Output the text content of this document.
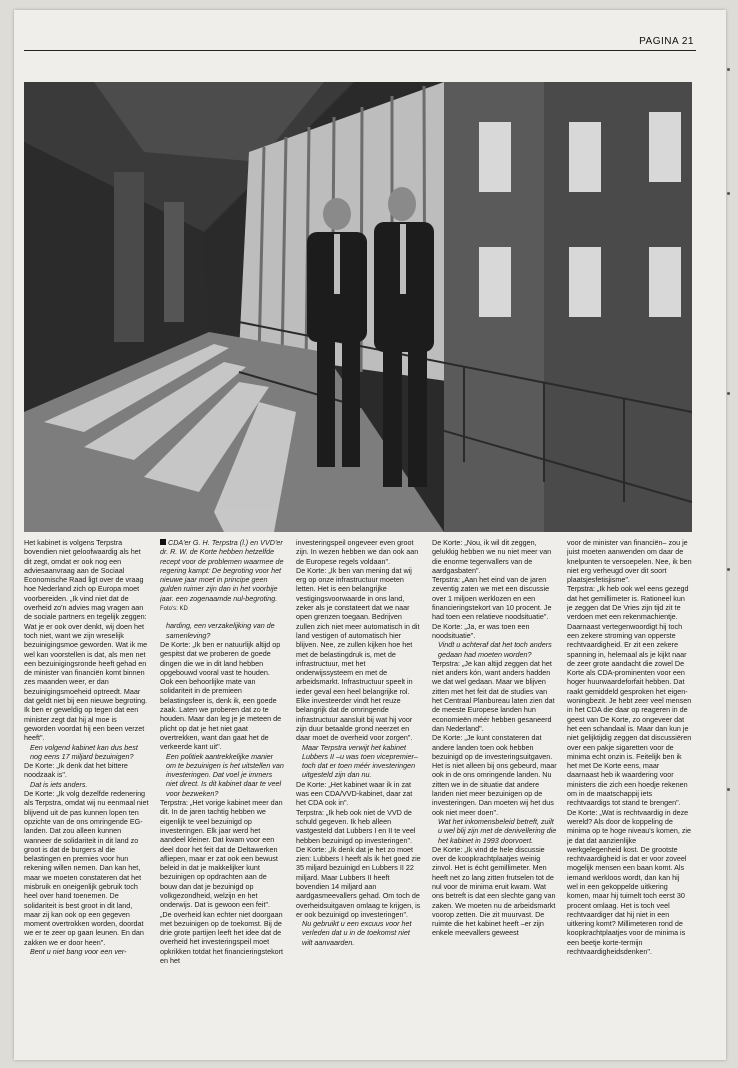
PAGINA 21

Het kabinet is volgens Terpstra bovendien niet geloofwaardig als het dit zegt, omdat er ook nog een adviesaanvraag aan de Sociaal Economische Raad ligt over de vraag hoe Nederland zich op Europa moet voorbereiden. „Ik vind niet dat de overheid zo'n advies mag vragen aan de sociale partners en tegelijk zeggen: Wat je er ook over denkt, wij doen het toch niet, want we zijn wreselijk bezuinigingsmoe geworden. Wat ik me wel kan voorstellen is dat, als men net een bezuinigingsronde heeft gehad en de minister van financiën komt binnen zes maanden weer, er dan bezuinigingsmoeheid optreedt. Maar dat geldt niet bij een nieuwe begroting. Ik ben er geweldig op tegen dat een minister zegt dat hij al moe is geworden voordat hij een been verzet heeft".

Een volgend kabinet kan dus best nog eens 17 miljard bezuinigen?

De Korte: „Ik denk dat het bittere noodzaak is".

Dat is iets anders.

De Korte: „Ik volg dezelfde redenering als Terpstra, omdat wij nu eenmaal niet blijvend uit de pas kunnen lopen ten opzichte van de ons omringende EG-landen. Dat zou alleen kunnen wanneer de solidariteit in dit land zo groot is dat de burgers al die belastingen en premies voor hun rekening willen nemen. Dan kan het, maar we moeten constateren dat het misbruik en oneigenlijk gebruik toch heel over hand toenemen. De solidariteit is best groot in dit land, maar zij kan ook op een gegeven moment overtrokken worden, doordat we er te zeer op gaan leunen. En dan zakken we er door heen".

Bent u niet bang voor een ver-

CDA'er G. H. Terpstra (l.) en VVD'er dr. R. W. de Korte hebben hetzelfde recept voor de problemen waarmee de regering kampt: De begroting voor het nieuwe jaar moet in principe geen gulden ruimer zijn dan in het voorbije jaar. een zogenaamde nul-begroting. Foto's: KD

harding, een verzakelijking van de samenleving?

De Korte: „Ik ben er natuurlijk altijd op gespitst dat we proberen de goede dingen die we in dit land hebben opgebouwd vooral vast te houden. Ook een behoorlijke mate van solidariteit in de premieen belastingsfeer is, denk ik, een goede zaak. Laten we proberen dat zo te houden. Maar dan leg je je meteen de plicht op dat je het niet gaat overtrekken, want dan gaat het de verkeerde kant uit".

Een politiek aantrekkelijke manier om te bezuinigen is het uitstellen van investeringen. Dat voel je immers niet direct. Is dit kabinet daar te veel voor bezweken?

Terpstra: „Het vorige kabinet meer dan dit. In de jaren tachtig hebben we eigenlijk te veel bezuinigd op investeringen. Elk jaar werd het aandeel kleiner. Dat kwam voor een deel door het feit dat de Deltawerken afliepen, maar er zat ook een bewust beleid in dat je makkelijker kunt bezuinigen op opdrachten aan de bouw dan dat je bezuinigd op volkgezondheid, welzijn en het onderwijs. Dat is gewoon een feit".

„De overheid kan echter niet doorgaan met bezuinigen op de toekomst. Bij de drie grote partijen leeft het idee dat de overheid het investeringspeil moet opkrikken totdat het financieringstekort en het

investeringspeil ongeveer even groot zijn. In wezen hebben we dan ook aan de Europese regels voldaan".

De Korte: „Ik ben van mening dat wij erg op onze infrastructuur moeten letten. Het is een belangrijke vestigingsvoorwaarde in ons land, zeker als je constateert dat we naar open grenzen toegaan. Bedrijven zullen zich niet meer automatisch in dit land vestigen of automatisch hier blijven. Nee, ze zullen kijken hoe het met de belastingdruk is, met de infrastructuur, met het onderwijssysteem en met de arbeidsmarkt. Infrastructuur speelt in ieder geval een heel belangrijke rol. Elke investeerder vindt het reuze belangrijk dat de omringende infrastructuur aansluit bij wat hij voor zijn duur betaalde grond neerzet en daar moet de overheid voor zorgen".

Maar Terpstra verwijt het kabinet Lubbers II –u was toen vicepremier– toch dat er toen méér investeringen uitgesteld zijn dan nu.

De Korte: „Het kabinet waar ik in zat was een CDA/VVD-kabinet, daar zat het CDA ook in".

Terpstra: „Ik heb ook niet de VVD de schuld gegeven. Ik heb alleen vastgesteld dat Lubbers I en II te veel hebben bezuinigd op investeringen".

De Korte: „Ik denk dat je het zo moet zien: Lubbers I heeft als ik het goed zie 35 miljard bezuinigd en Lubbers II 22 miljard. Maar Lubbers II heeft bovendien 14 miljard aan aardgasmeevallers gehad. Om toch de overheidsuitgaven omlaag te krijgen, is er ook bezuinigd op investeringen".

Nu gebruikt u een excuus voor het verleden dat u in de toekomst niet wilt aanvaarden.

De Korte: „Nou, ik wil dit zeggen, gelukkig hebben we nu niet meer van die enorme tegenvallers van de aardgasbaten".

Terpstra: „Aan het eind van de jaren zeventig zaten we met een discussie over 1 miljoen werklozen en een financieringstekort van 10 procent. Je had toen een relatieve noodsituatie".

De Korte: „Ja, er was toen een noodsituatie".

Vindt u achteraf dat het toch anders gedaan had moeten worden?

Terpstra: „Je kan altijd zeggen dat het niet anders kón, want anders hadden we dat wel gedaan. Maar we blijven zitten met het feit dat de studies van het Centraal Planbureau laten zien dat de meeste Europese landen hun economieën méér hebben gesaneerd dan Nederland".

De Korte: „Je kunt constateren dat andere landen toen ook hebben bezuinigd op de investeringsuitgaven. Het is niet alleen bij ons gebeurd, maar ook in de ons omringende landen. Nu zitten we in de situatie dat andere landen niet meer bezuinigen op de investeringen. Dan moeten wij het dus ook niet meer doen".

Wat het inkomensbeleid betreft, zuilt u wel blij zijn met de denivellering die het kabinet in 1993 doorvoert.

De Korte: „Ik vind de hele discussie over de koopkrachtplaatjes weinig zinvol. Het is écht gemillimeter. Men heeft net zo lang zitten frutselen tot de nul voor de minima eruit kwam. Wat ons betreft is dat een slechte gang van zaken. We moeten nu de arbeidsmarkt voorop zetten. Die zit muurvast. De ruimte die het kabinet heeft –er zijn enkele meevallers geweest

voor de minister van financiën– zou je juist moeten aanwenden om daar de knelpunten te versoepelen. Nee, ik ben niet erg verheugd over dit soort plaatsjesfetisjisme".

Terpstra: „Ik heb ook wel eens gezegd dat het gemillimeter is. Rationeel kun je zeggen dat De Vries zijn tijd zit te verdoen met een rekenmachientje. Daarnaast vertegenwoordigt hij toch een zekere stroming van opperste rechtvaardigheid. Er zit een zekere spanning in, helemaal als je kijkt naar de zeer grote aandacht die zowel De Korte als CDA-prominenten voor een hoger huurwaardeforfait hebben. Dat raakt gemiddeld gesproken het eigen-woningbezit. Je hebt zeer veel mensen in het CDA die daar op reageren in de geest van De Korte, zo ongeveer dat het een schandaal is. Maar dan kun je niet gelijktijdig zeggen dat discussiëren over een pakje sigaretten voor de minima echt onzin is. Feitelijk ben ik het met De Korte eens, maar daarnaast heb ik waardering voor ministers die zich een hoedje rekenen om in de maatschappij iets rechtvaardigs tot stand te brengen".

De Korte: „Wat is rechtvaardig in deze wereld? Als door de koppeling de minima op te hoge niveau's komen, zie je dat dat aanzienlijke werkgelegenheid kost. De grootste rechtvaardigheid is dat er voor zoveel mogelijk mensen een baan komt. Als iemand werkloos wordt, dan kan hij wel in een gekoppelde uitkering komen, maar hij tuimelt toch eerst 30 procent omlaag. Het is toch veel rechtvaardiger dat hij niet in een uitkering komt? Millimeteren rond de koopkrachtplaatjes voor de minima is een beetje korte-termijn rechtvaardigheidsdenken".
